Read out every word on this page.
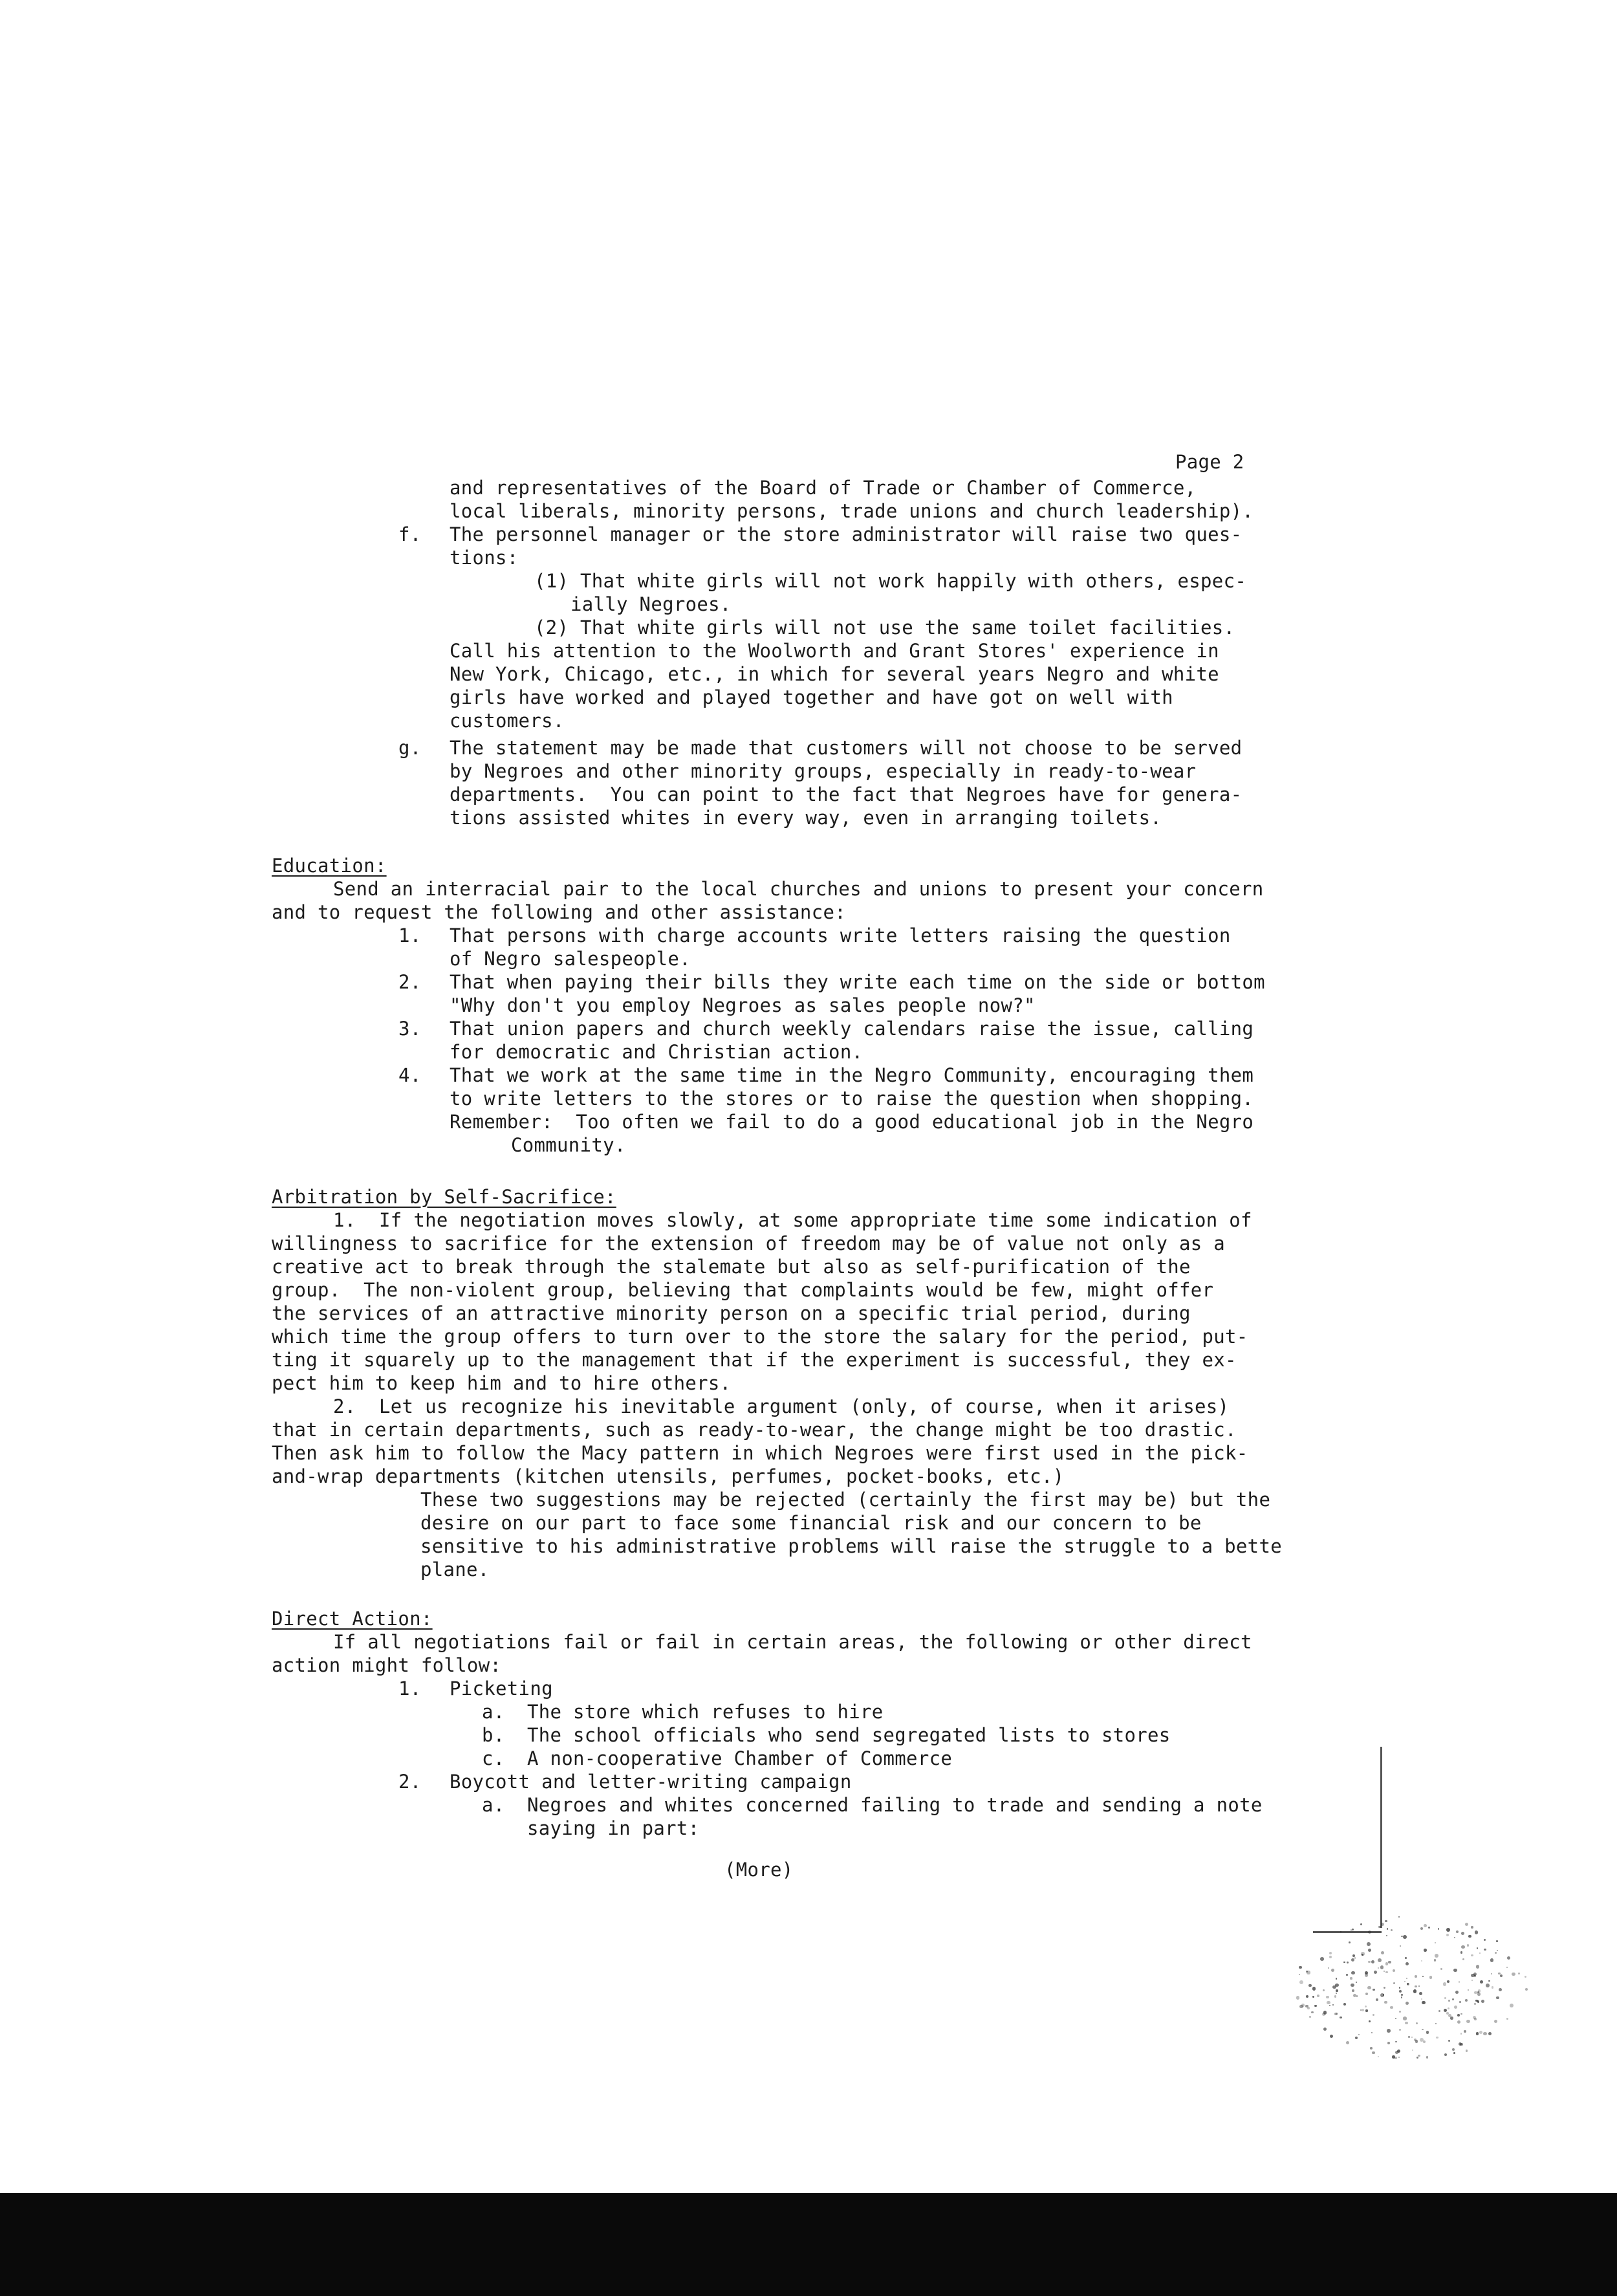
Page 2
and representatives of the Board of Trade or Chamber of Commerce,
local liberals, minority persons, trade unions and church leadership).
f. The personnel manager or the store administrator will raise two ques-
tions:
(1) That white girls will not work happily with others, espec-
ially Negroes.
(2) That white girls will not use the same toilet facilities.
Call his attention to the Woolworth and Grant Stores' experience in
New York, Chicago, etc., in which for several years Negro and white
girls have worked and played together and have got on well with
customers.
g. The statement may be made that customers will not choose to be served
by Negroes and other minority groups, especially in ready-to-wear
departments.  You can point to the fact that Negroes have for genera-
tions assisted whites in every way, even in arranging toilets.
Education:
Send an interracial pair to the local churches and unions to present your concern
and to request the following and other assistance:
1. That persons with charge accounts write letters raising the question
of Negro salespeople.
2. That when paying their bills they write each time on the side or bottom
"Why don't you employ Negroes as sales people now?"
3. That union papers and church weekly calendars raise the issue, calling
for democratic and Christian action.
4. That we work at the same time in the Negro Community, encouraging them
to write letters to the stores or to raise the question when shopping.
Remember:  Too often we fail to do a good educational job in the Negro
Community.
Arbitration by Self-Sacrifice:
1.  If the negotiation moves slowly, at some appropriate time some indication of
willingness to sacrifice for the extension of freedom may be of value not only as a
creative act to break through the stalemate but also as self-purification of the
group.  The non-violent group, believing that complaints would be few, might offer
the services of an attractive minority person on a specific trial period, during
which time the group offers to turn over to the store the salary for the period, put-
ting it squarely up to the management that if the experiment is successful, they ex-
pect him to keep him and to hire others.
2.  Let us recognize his inevitable argument (only, of course, when it arises)
that in certain departments, such as ready-to-wear, the change might be too drastic.
Then ask him to follow the Macy pattern in which Negroes were first used in the pick-
and-wrap departments (kitchen utensils, perfumes, pocket-books, etc.)
These two suggestions may be rejected (certainly the first may be) but the
desire on our part to face some financial risk and our concern to be
sensitive to his administrative problems will raise the struggle to a bette
plane.
Direct Action:
If all negotiations fail or fail in certain areas, the following or other direct
action might follow:
1. Picketing
a. The store which refuses to hire
b. The school officials who send segregated lists to stores
c. A non-cooperative Chamber of Commerce
2. Boycott and letter-writing campaign
a. Negroes and whites concerned failing to trade and sending a note
saying in part:
(More)
